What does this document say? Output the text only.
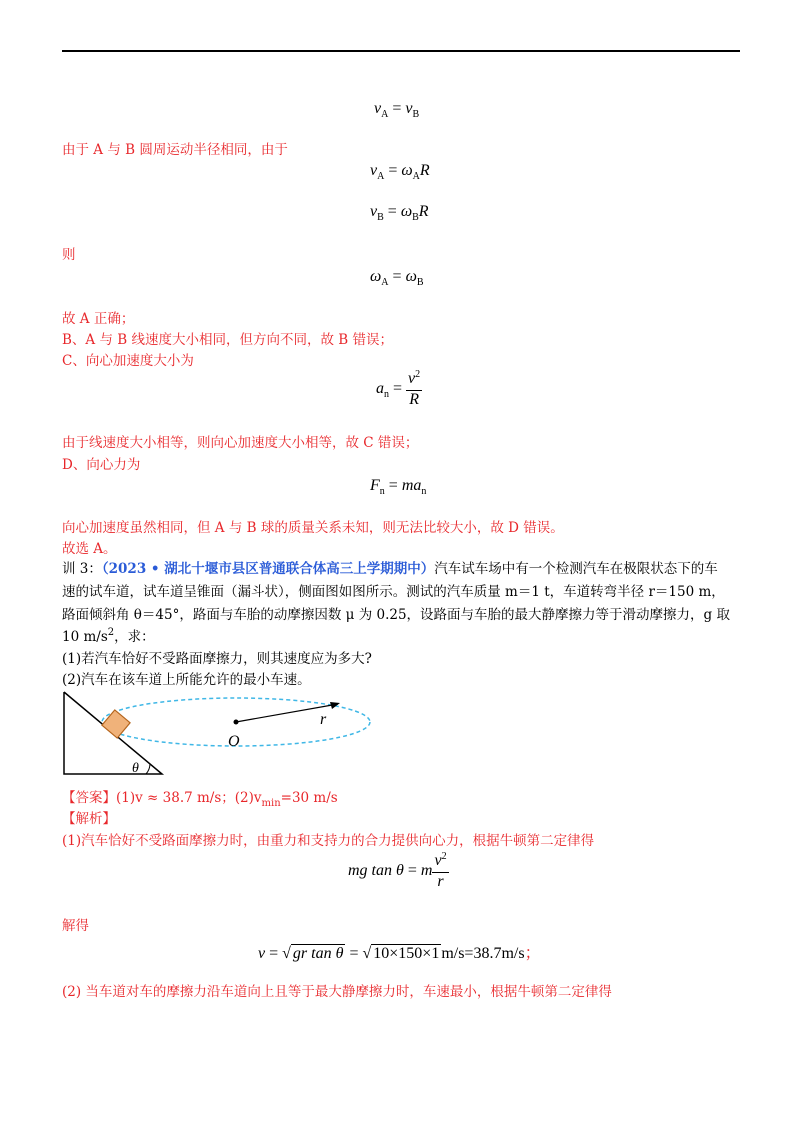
$v_A = v_B$
由于 A 与 B 圆周运动半径相同，由于
$v_A = \omega_AR$
$v_B = \omega_BR$
则
$\omega_A = \omega_B$
故 A 正确；
B、A 与 B 线速度大小相同，但方向不同，故 B 错误；
C、向心加速度大小为
$a_n = \frac{v^2}{R}$
由于线速度大小相等，则向心加速度大小相等，故 C 错误；
D、向心力为
$F_n = ma_n$
向心加速度虽然相同，但 A 与 B 球的质量关系未知，则无法比较大小，故 D 错误。
故选 A。
训 3：（2023 • 湖北十堰市县区普通联合体高三上学期期中）汽车试车场中有一个检测汽车在极限状态下的车
速的试车道，试车道呈锥面（漏斗状），侧面图如图所示。测试的汽车质量 m＝1 t，车道转弯半径 r＝150 m，
路面倾斜角 θ＝45°，路面与车胎的动摩擦因数 μ 为 0.25，设路面与车胎的最大静摩擦力等于滑动摩擦力，g 取
10 $m/s^2$，求：
(1)若汽车恰好不受路面摩擦力，则其速度应为多大?
(2)汽车在该车道上所能允许的最小车速。
r
O
θ
【答案】(1)v ≈ 38.7 m/s；$(2)v_{min}=30$ m/s
【解析】
(1)汽车恰好不受路面摩擦力时，由重力和支持力的合力提供向心力，根据牛顿第二定律得
mg tan θ = m $\frac{v^2}{r}$
解得
v = √ gr tan θ = √ 10×150×1 m/s=38.7m/s；
(2) 当车道对车的摩擦力沿车道向上且等于最大静摩擦力时，车速最小，根据牛顿第二定律得
